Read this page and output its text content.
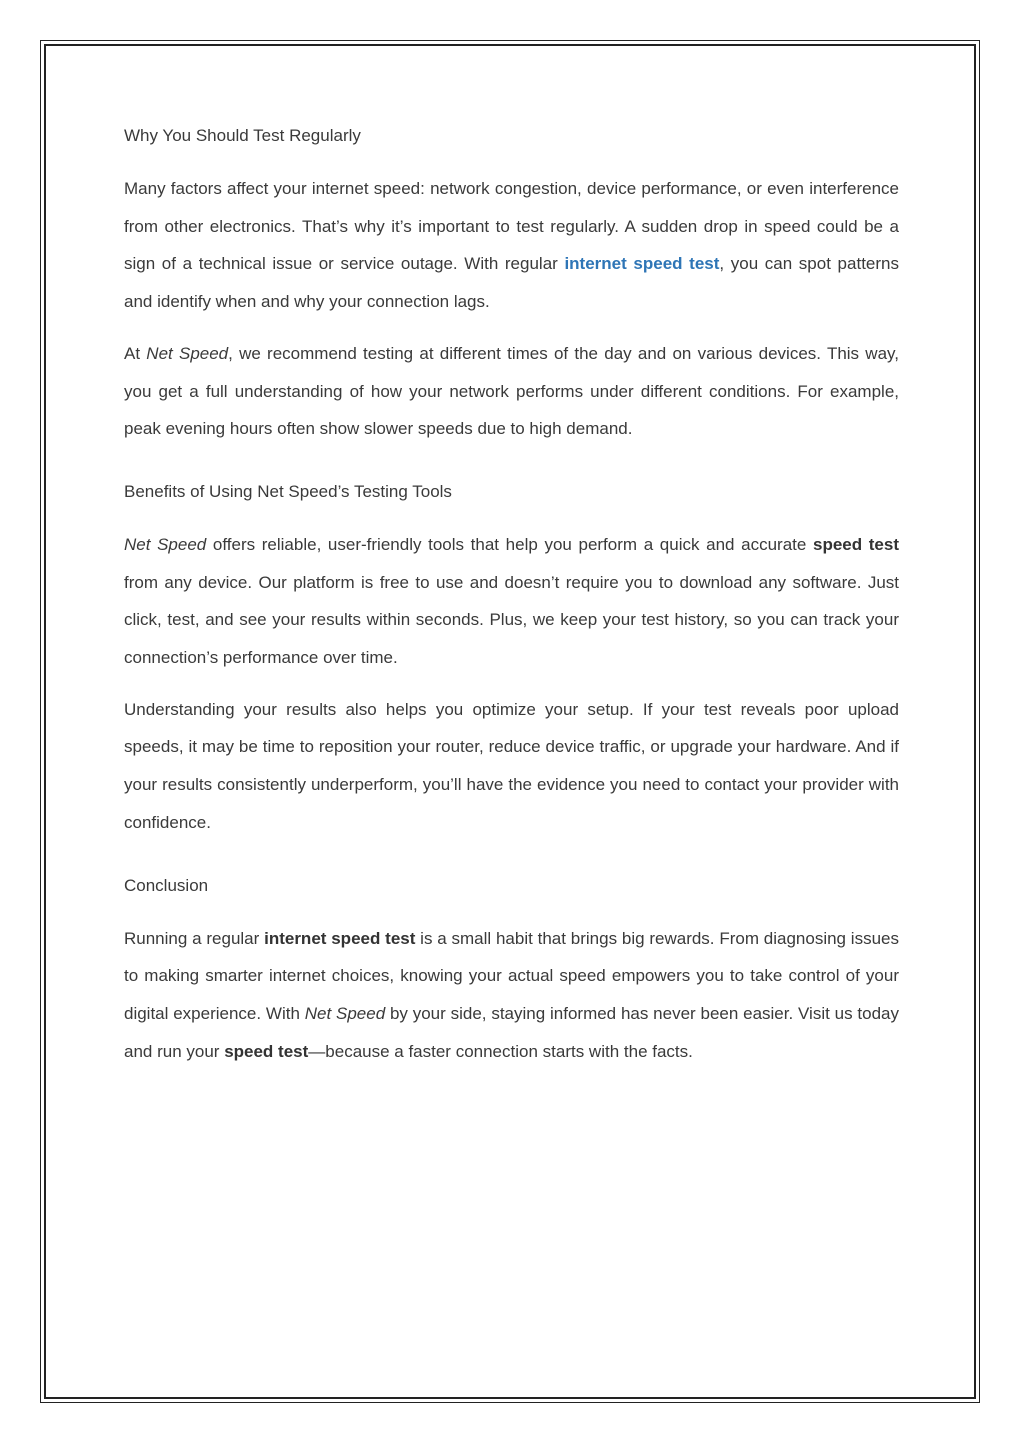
Why You Should Test Regularly

Many factors affect your internet speed: network congestion, device performance, or even interference from other electronics. That’s why it’s important to test regularly. A sudden drop in speed could be a sign of a technical issue or service outage. With regular internet speed test, you can spot patterns and identify when and why your connection lags.

At Net Speed, we recommend testing at different times of the day and on various devices. This way, you get a full understanding of how your network performs under different conditions. For example, peak evening hours often show slower speeds due to high demand.

Benefits of Using Net Speed’s Testing Tools

Net Speed offers reliable, user-friendly tools that help you perform a quick and accurate speed test from any device. Our platform is free to use and doesn’t require you to download any software. Just click, test, and see your results within seconds. Plus, we keep your test history, so you can track your connection’s performance over time.

Understanding your results also helps you optimize your setup. If your test reveals poor upload speeds, it may be time to reposition your router, reduce device traffic, or upgrade your hardware. And if your results consistently underperform, you’ll have the evidence you need to contact your provider with confidence.

Conclusion

Running a regular internet speed test is a small habit that brings big rewards. From diagnosing issues to making smarter internet choices, knowing your actual speed empowers you to take control of your digital experience. With Net Speed by your side, staying informed has never been easier. Visit us today and run your speed test—because a faster connection starts with the facts.
